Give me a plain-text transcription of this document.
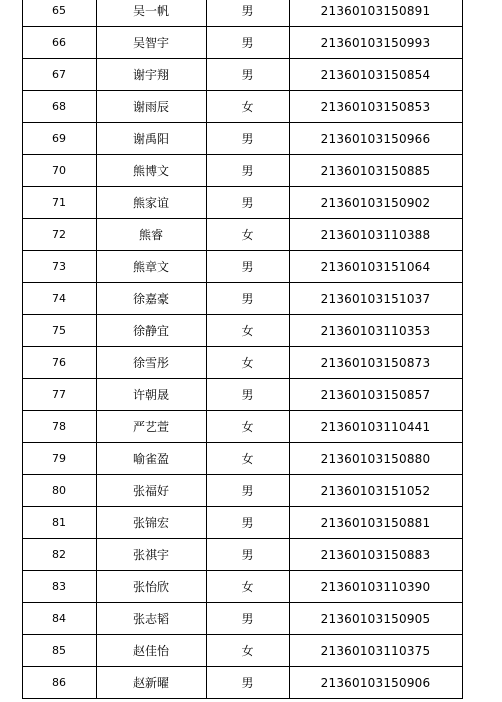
	65	吴一帆	男	21360103150891	
	66	吴智宇	男	21360103150993	
	67	谢宇翔	男	21360103150854	
	68	谢雨辰	女	21360103150853	
	69	谢禹阳	男	21360103150966	
	70	熊博文	男	21360103150885	
	71	熊家谊	男	21360103150902	
	72	熊睿	女	21360103110388	
	73	熊章文	男	21360103151064	
	74	徐嘉豪	男	21360103151037	
	75	徐静宜	女	21360103110353	
	76	徐雪彤	女	21360103150873	
	77	许朝晟	男	21360103150857	
	78	严艺萱	女	21360103110441	
	79	喻雀盈	女	21360103150880	
	80	张福好	男	21360103151052	
	81	张锦宏	男	21360103150881	
	82	张祺宇	男	21360103150883	
	83	张怡欣	女	21360103110390	
	84	张志韬	男	21360103150905	
	85	赵佳怡	女	21360103110375	
	86	赵新曜	男	21360103150906	
